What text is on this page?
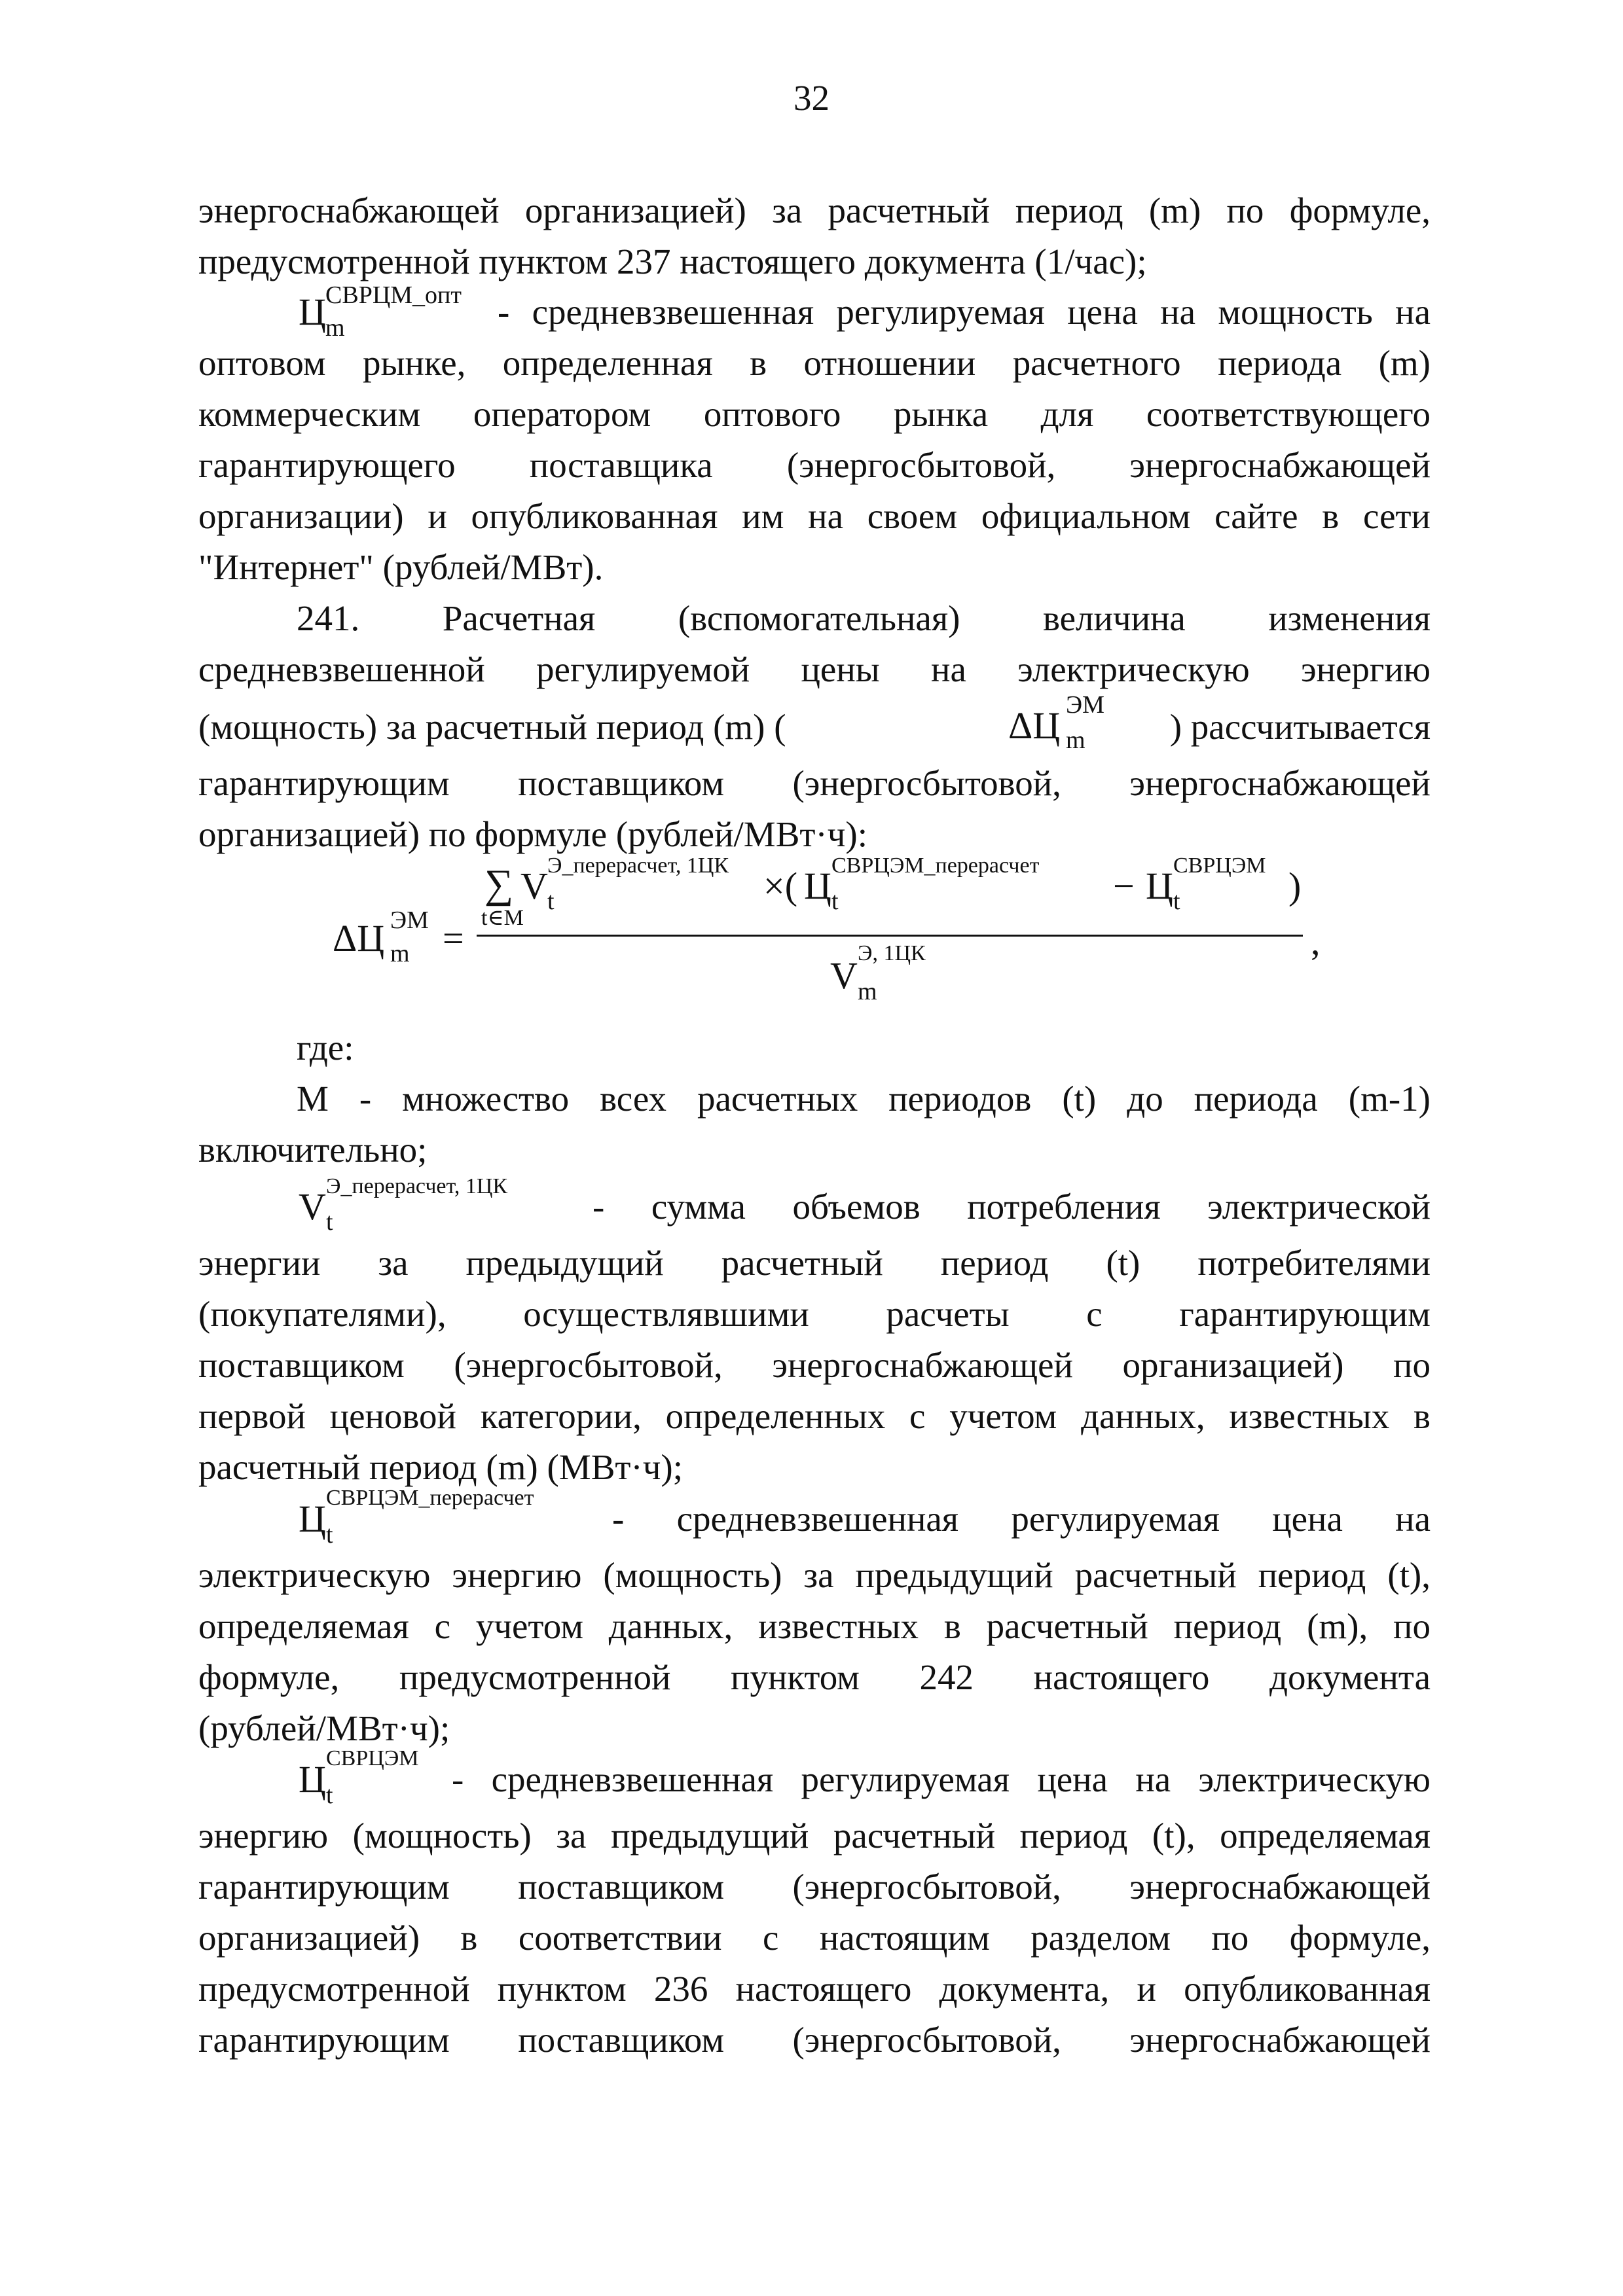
32
энергоснабжающей организацией) за расчетный период (m) по формуле,
предусмотренной пунктом 237 настоящего документа (1/час);
Ц СВРЦМ_опт
m	- средневзвешенная регулируемая цена на мощность на
оптовом рынке, определенная в отношении расчетного периода (m)
коммерческим оператором оптового рынка для соответствующего
гарантирующего поставщика (энергосбытовой, энергоснабжающей
организации) и опубликованная им на своем официальном сайте в сети
"Интернет" (рублей/МВт).
241. Расчетная (вспомогательная) величина изменения
средневзвешенной регулируемой цены на электрическую энергию
(мощность) за расчетный период (m) (	ΔЦ ЭМ
m	) рассчитывается
гарантирующим поставщиком (энергосбытовой, энергоснабжающей
организацией) по формуле (рублей/МВт·ч):
ΔЦ ЭМ
m =
∑
t∈M
V Э_перерасчет, 1ЦК
t	×( Ц СВРЦЭМ_перерасчет
t	− Ц СВРЦЭМ
t	)
V
Э, 1ЦК
m
,
где:
M - множество всех расчетных периодов (t) до периода (m-1)
включительно;
V Э_перерасчет, 1ЦК
t	- сумма объемов потребления электрической
энергии за предыдущий расчетный период (t) потребителями
(покупателями), осуществлявшими расчеты с гарантирующим
поставщиком (энергосбытовой, энергоснабжающей организацией) по
первой ценовой категории, определенных с учетом данных, известных в
расчетный период (m) (МВт·ч);
Ц СВРЦЭМ_перерасчет
t	- средневзвешенная регулируемая цена на
электрическую энергию (мощность) за предыдущий расчетный период (t),
определяемая с учетом данных, известных в расчетный период (m), по
формуле, предусмотренной пунктом 242 настоящего документа
(рублей/МВт·ч);
Ц СВРЦЭМ
t	- средневзвешенная регулируемая цена на электрическую
энергию (мощность) за предыдущий расчетный период (t), определяемая
гарантирующим поставщиком (энергосбытовой, энергоснабжающей
организацией) в соответствии с настоящим разделом по формуле,
предусмотренной пунктом 236 настоящего документа, и опубликованная
гарантирующим поставщиком (энергосбытовой, энергоснабжающей
